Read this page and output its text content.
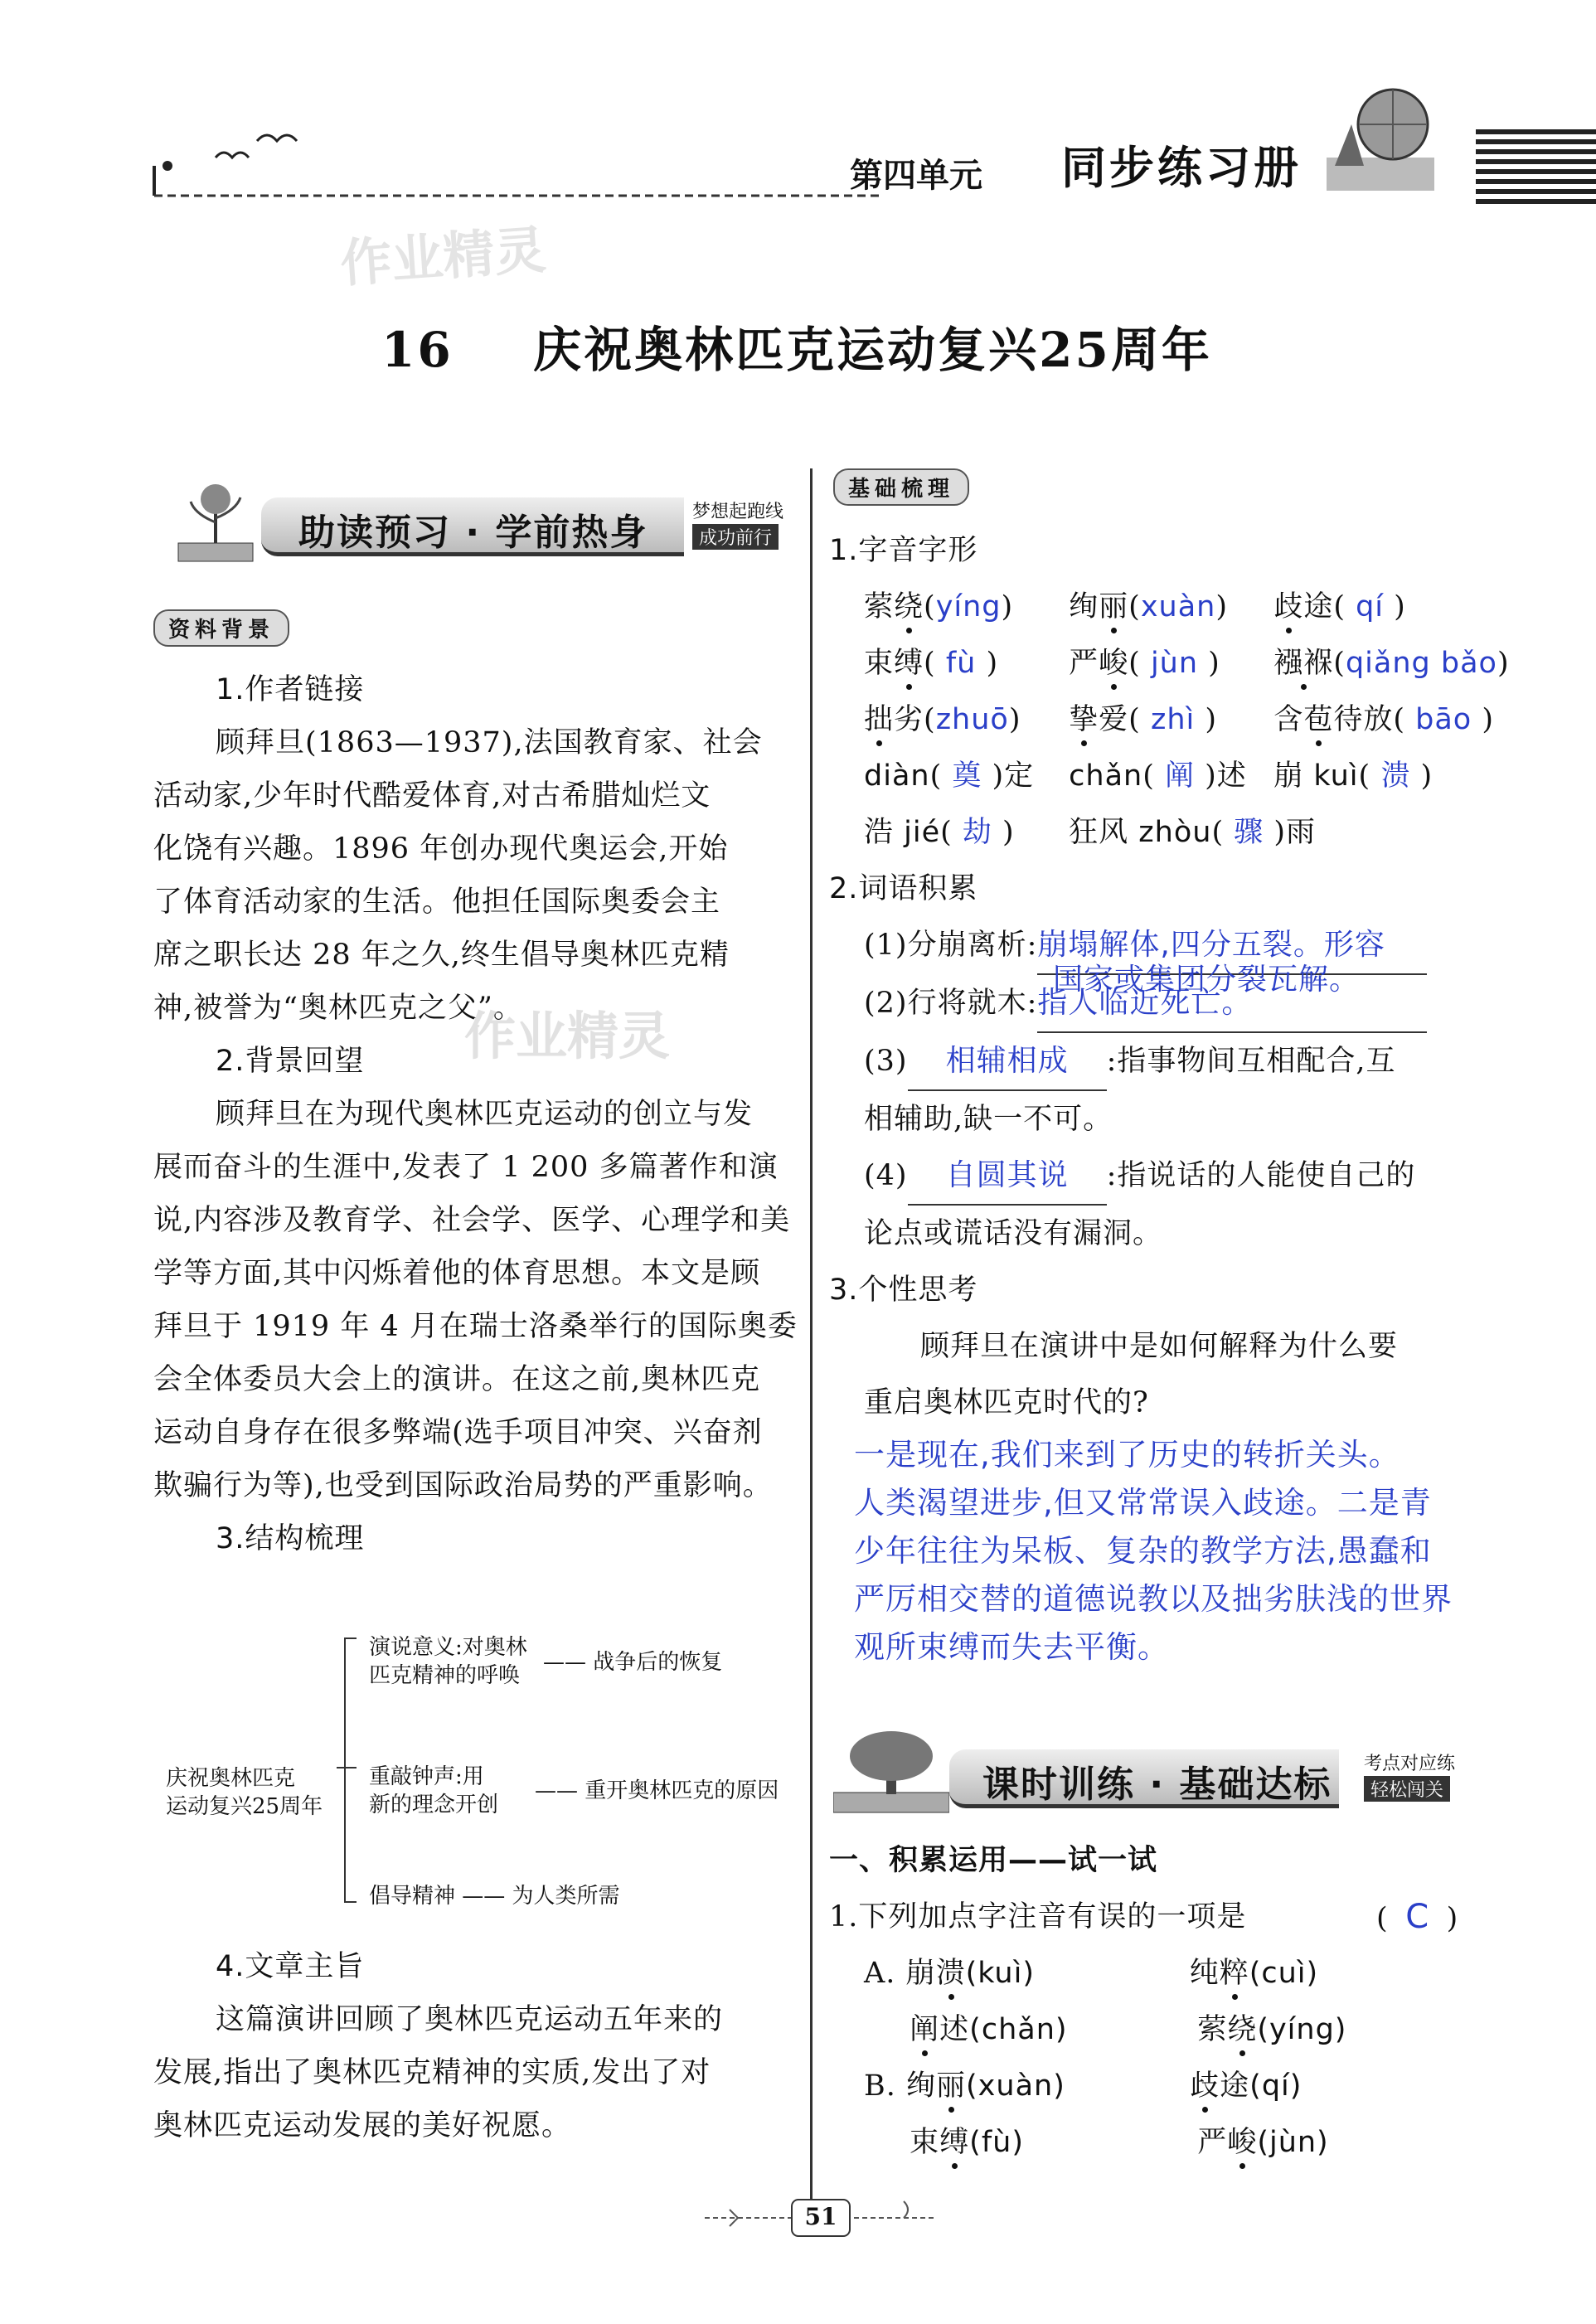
第四单元 同步练习册
作业精灵
16 庆祝奥林匹克运动复兴25周年
助读预习 · 学前热身 梦想起跑线
成功前行
资料背景
1.作者链接
顾拜旦(1863—1937),法国教育家、社会
活动家,少年时代酷爱体育,对古希腊灿烂文
化饶有兴趣。1896 年创办现代奥运会,开始
了体育活动家的生活。他担任国际奥委会主
席之职长达 28 年之久,终生倡导奥林匹克精
神,被誉为“奥林匹克之父”。
2.背景回望
顾拜旦在为现代奥林匹克运动的创立与发
展而奋斗的生涯中,发表了 1 200 多篇著作和演
说,内容涉及教育学、社会学、医学、心理学和美
学等方面,其中闪烁着他的体育思想。本文是顾
拜旦于 1919 年 4 月在瑞士洛桑举行的国际奥委
会全体委员大会上的演讲。在这之前,奥林匹克
运动自身存在很多弊端(选手项目冲突、兴奋剂
欺骗行为等),也受到国际政治局势的严重影响。
3.结构梳理
作业精灵
庆祝奥林匹克
运动复兴25周年
演说意义:对奥林
匹克精神的呼唤
—— 战争后的恢复
重敲钟声:用
新的理念开创
—— 重开奥林匹克的原因
倡导精神 —— 为人类所需
4.文章主旨
这篇演讲回顾了奥林匹克运动五年来的
发展,指出了奥林匹克精神的实质,发出了对
奥林匹克运动发展的美好祝愿。
基础梳理
1.字音字形
萦绕(yíng) 绚丽(xuàn) 歧途( qí )
束缚( fù ) 严峻( jùn ) 襁褓(qiǎng bǎo)
拙劣(zhuō) 挚爱( zhì ) 含苞待放( bāo )
diàn( 奠 )定 chǎn( 阐 )述 崩 kuì( 溃 )
浩 jié( 劫 ) 狂风 zhòu( 骤 )雨
2.词语积累
(1)分崩离析:崩塌解体,四分五裂。形容
国家或集团分裂瓦解。
(2)行将就木:指人临近死亡。
(3) 相辅相成 :指事物间互相配合,互
相辅助,缺一不可。
(4) 自圆其说 :指说话的人能使自己的
论点或谎话没有漏洞。
3.个性思考
顾拜旦在演讲中是如何解释为什么要
重启奥林匹克时代的?
一是现在,我们来到了历史的转折关头。
人类渴望进步,但又常常误入歧途。二是青
少年往往为呆板、复杂的教学方法,愚蠢和
严厉相交替的道德说教以及拙劣肤浅的世界
观所束缚而失去平衡。
课时训练 · 基础达标 考点对应练
轻松闯关
一、积累运用——试一试
1.下列加点字注音有误的一项是	( C )
A. 崩溃(kuì)	纯粹(cuì)
阐述(chǎn)	萦绕(yíng)
B. 绚丽(xuàn)	歧途(qí)
束缚(fù)	严峻(jùn)
51
